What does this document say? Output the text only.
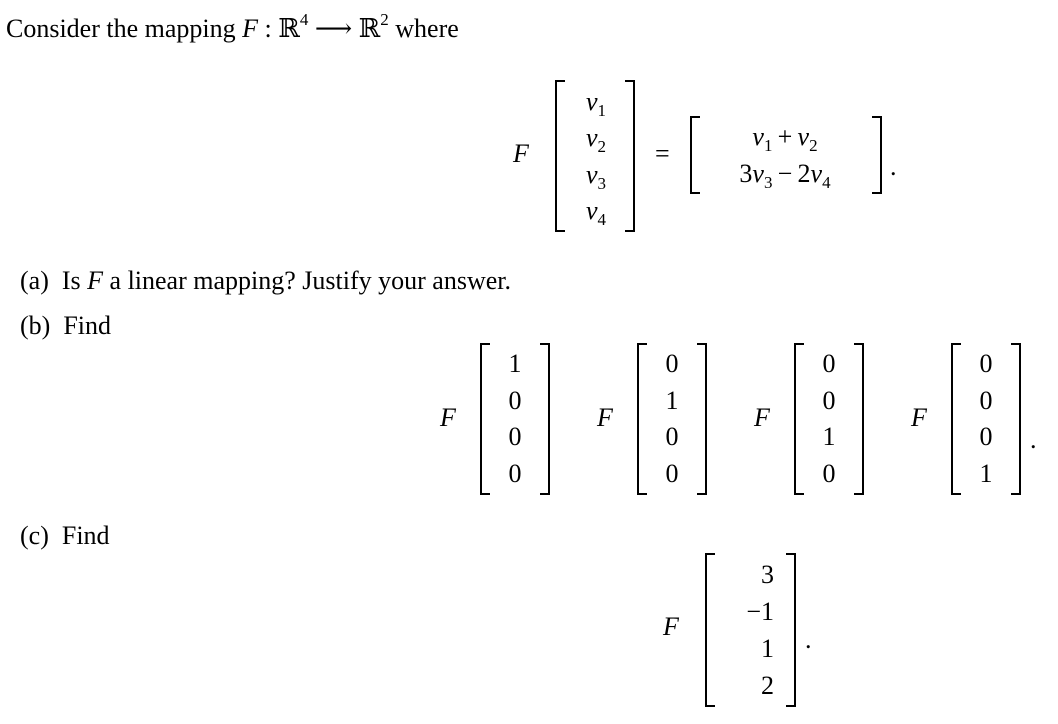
Consider the mapping F : ℝ$^4$ ⟶ ℝ$^2$ where
F
$v_1$
$v_2$
$v_3$
$v_4$
=
$v_1 + v_2$
$3v_3 - 2v_4$
.
(a) Is F a linear mapping? Justify your answer.
(b) Find
(c) Find
F
1
0
0
0
F
0
1
0
0
F
0
0
1
0
F
0
0
0
1
.
F
3
−1
1
2
.
